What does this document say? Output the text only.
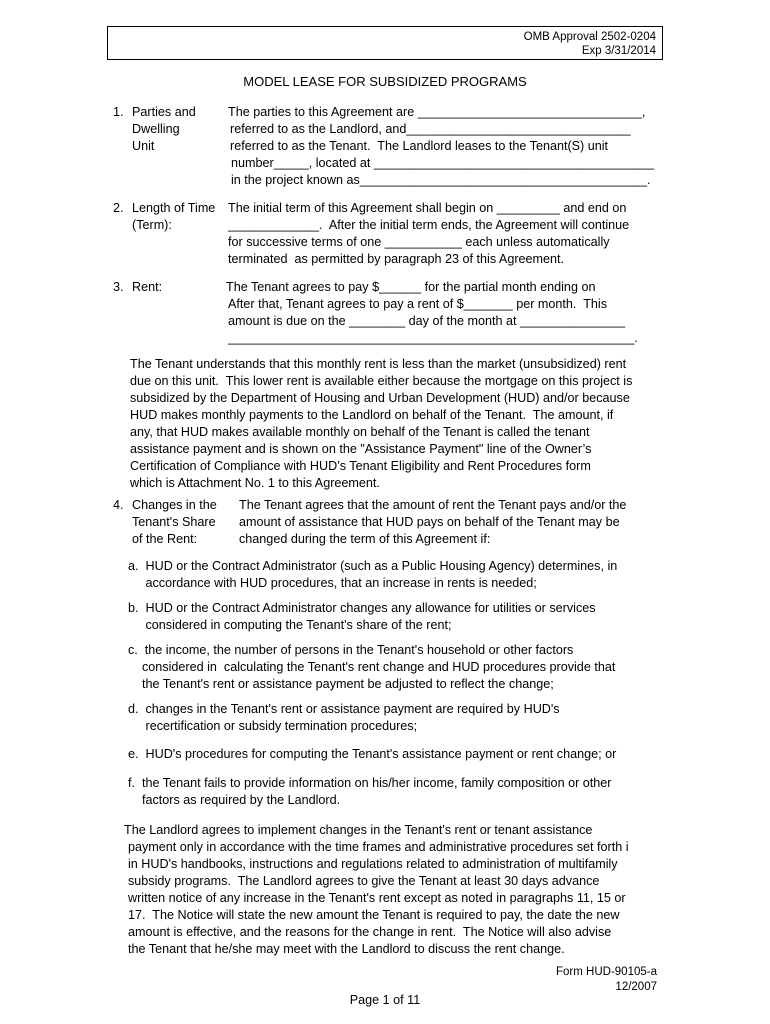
OMB Approval 2502-0204
Exp 3/31/2014
MODEL LEASE FOR SUBSIDIZED PROGRAMS
1. Parties and
Dwelling
Unit
The parties to this Agreement are ________________________________,
referred to as the Landlord, and________________________________
referred to as the Tenant.  The Landlord leases to the Tenant(S) unit
number_____, located at ________________________________________
in the project known as_________________________________________.
2. Length of Time
(Term):
The initial term of this Agreement shall begin on _________ and end on
_____________.  After the initial term ends, the Agreement will continue
for successive terms of one ___________ each unless automatically
terminated  as permitted by paragraph 23 of this Agreement.
3. Rent:	The Tenant agrees to pay $______ for the partial month ending on
After that, Tenant agrees to pay a rent of $_______ per month.  This
amount is due on the ________ day of the month at _______________
__________________________________________________________.
The Tenant understands that this monthly rent is less than the market (unsubsidized) rent
due on this unit.  This lower rent is available either because the mortgage on this project is
subsidized by the Department of Housing and Urban Development (HUD) and/or because
HUD makes monthly payments to the Landlord on behalf of the Tenant.  The amount, if
any, that HUD makes available monthly on behalf of the Tenant is called the tenant
assistance payment and is shown on the "Assistance Payment" line of the Owner’s
Certification of Compliance with HUD’s Tenant Eligibility and Rent Procedures form
which is Attachment No. 1 to this Agreement.
4. Changes in the
Tenant's Share
of the Rent:
The Tenant agrees that the amount of rent the Tenant pays and/or the
amount of assistance that HUD pays on behalf of the Tenant may be
changed during the term of this Agreement if:
a.  HUD or the Contract Administrator (such as a Public Housing Agency) determines, in
accordance with HUD procedures, that an increase in rents is needed;
b.  HUD or the Contract Administrator changes any allowance for utilities or services
considered in computing the Tenant's share of the rent;
c.  the income, the number of persons in the Tenant's household or other factors
considered in  calculating the Tenant's rent change and HUD procedures provide that
the Tenant's rent or assistance payment be adjusted to reflect the change;
d.  changes in the Tenant's rent or assistance payment are required by HUD's
recertification or subsidy termination procedures;
e.  HUD's procedures for computing the Tenant's assistance payment or rent change; or
f.  the Tenant fails to provide information on his/her income, family composition or other
factors as required by the Landlord.
The Landlord agrees to implement changes in the Tenant's rent or tenant assistance
payment only in accordance with the time frames and administrative procedures set forth i
in HUD's handbooks, instructions and regulations related to administration of multifamily
subsidy programs.  The Landlord agrees to give the Tenant at least 30 days advance
written notice of any increase in the Tenant's rent except as noted in paragraphs 11, 15 or
17.  The Notice will state the new amount the Tenant is required to pay, the date the new
amount is effective, and the reasons for the change in rent.  The Notice will also advise
the Tenant that he/she may meet with the Landlord to discuss the rent change.
Form HUD-90105-a
12/2007
Page 1 of 11
